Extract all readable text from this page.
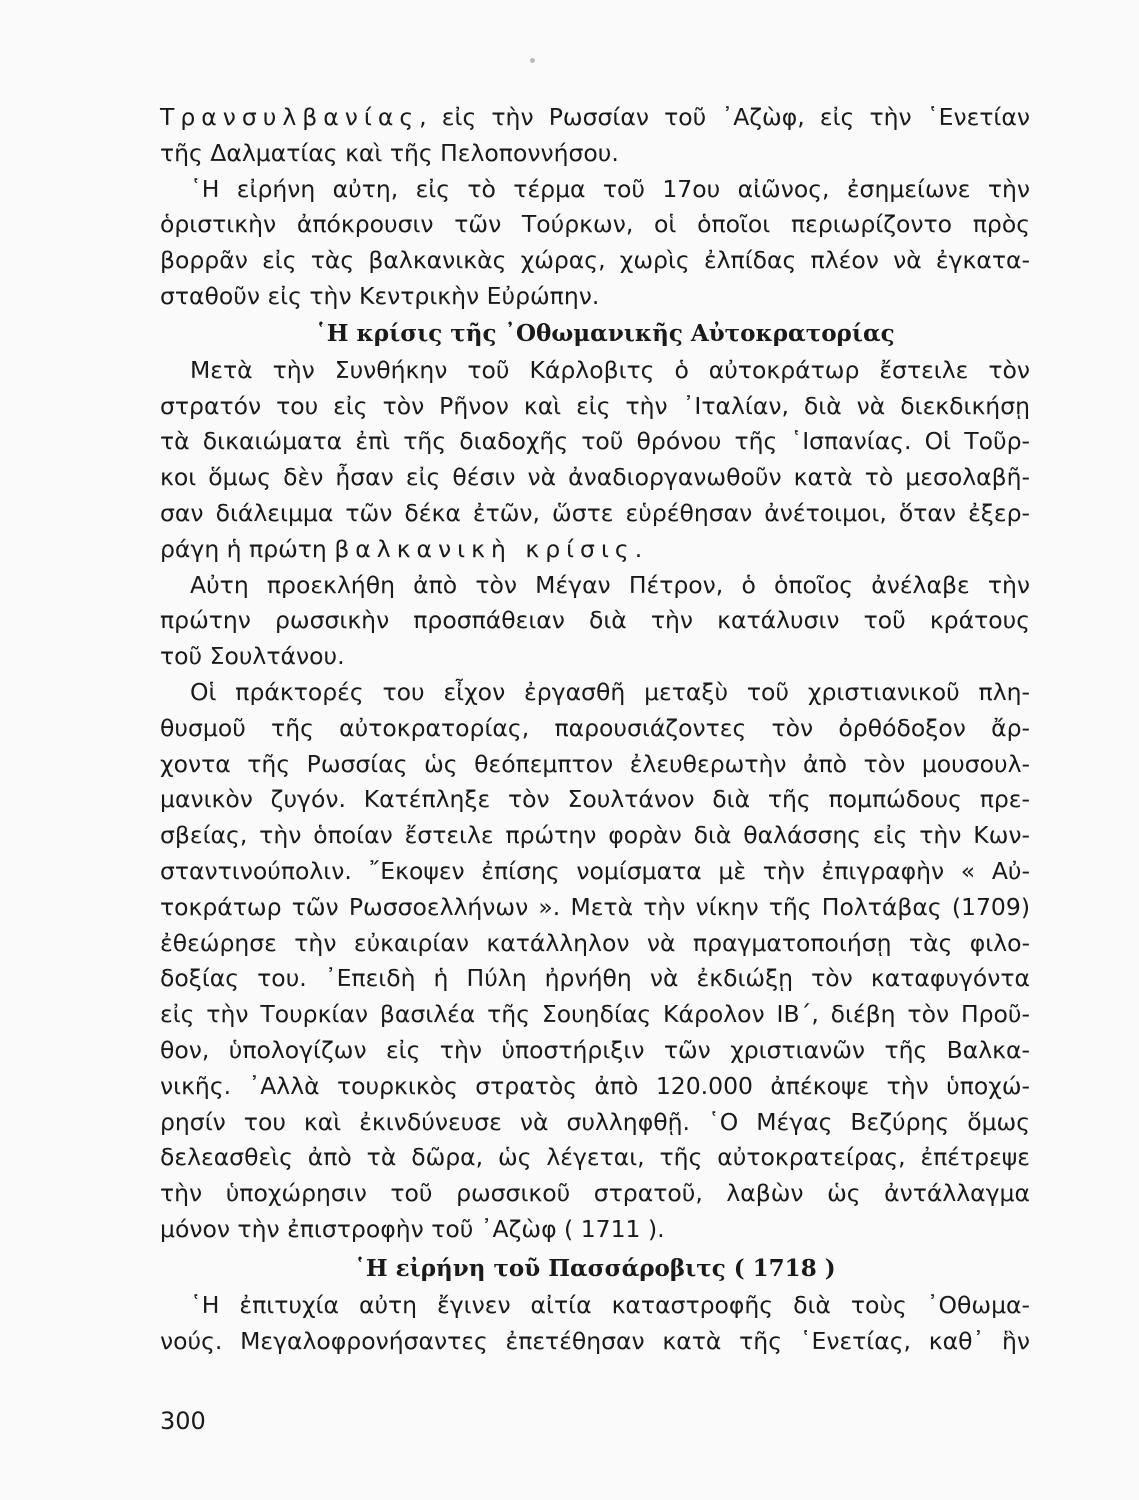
Τρανσυλβανίας, εἰς τὴν Ρωσσίαν τοῦ ᾿Αζὼφ, εἰς τὴν ῾Ενετίαν
τῆς Δαλματίας καὶ τῆς Πελοποννήσου.
῾Η εἰρήνη αὐτη, εἰς τὸ τέρμα τοῦ 17ου αἰῶνος, ἐσημείωνε τὴν
ὁριστικὴν ἀπόκρουσιν τῶν Τούρκων, οἱ ὁποῖοι περιωρίζοντο πρὸς
βορρᾶν εἰς τὰς βαλκανικὰς χώρας, χωρὶς ἐλπίδας πλέον νὰ ἐγκατα-
σταθοῦν εἰς τὴν Κεντρικὴν Εὐρώπην.
῾Η κρίσις τῆς ᾿Οθωμανικῆς Αὐτοκρατορίας
Μετὰ τὴν Συνθήκην τοῦ Κάρλοβιτς ὁ αὐτοκράτωρ ἔστειλε τὸν
στρατόν του εἰς τὸν Ρῆνον καὶ εἰς τὴν ᾿Ιταλίαν, διὰ νὰ διεκδικήσῃ
τὰ δικαιώματα ἐπὶ τῆς διαδοχῆς τοῦ θρόνου τῆς ῾Ισπανίας. Οἱ Τοῦρ-
κοι ὅμως δὲν ἦσαν εἰς θέσιν νὰ ἀναδιοργανωθοῦν κατὰ τὸ μεσολαβῆ-
σαν διάλειμμα τῶν δέκα ἐτῶν, ὥστε εὑρέθησαν ἀνέτοιμοι, ὅταν ἐξερ-
ράγη ἡ πρώτη βαλκανικὴ κρίσις.
Αὐτη προεκλήθη ἀπὸ τὸν Μέγαν Πέτρον, ὁ ὁποῖος ἀνέλαβε τὴν
πρώτην ρωσσικὴν προσπάθειαν διὰ τὴν κατάλυσιν τοῦ κράτους
τοῦ Σουλτάνου.
Οἱ πράκτορές του εἶχον ἐργασθῆ μεταξὺ τοῦ χριστιανικοῦ πλη-
θυσμοῦ τῆς αὐτοκρατορίας, παρουσιάζοντες τὸν ὀρθόδοξον ἄρ-
χοντα τῆς Ρωσσίας ὡς θεόπεμπτον ἐλευθερωτὴν ἀπὸ τὸν μουσουλ-
μανικὸν ζυγόν. Κατέπληξε τὸν Σουλτάνον διὰ τῆς πομπώδους πρε-
σβείας, τὴν ὁποίαν ἔστειλε πρώτην φορὰν διὰ θαλάσσης εἰς τὴν Κων-
σταντινούπολιν. ῎Εκοψεν ἐπίσης νομίσματα μὲ τὴν ἐπιγραφὴν « Αὐ-
τοκράτωρ τῶν Ρωσσοελλήνων ». Μετὰ τὴν νίκην τῆς Πολτάβας (1709)
ἐθεώρησε τὴν εὐκαιρίαν κατάλληλον νὰ πραγματοποιήσῃ τὰς φιλο-
δοξίας του. ᾿Επειδὴ ἡ Πύλη ἠρνήθη νὰ ἐκδιώξῃ τὸν καταφυγόντα
εἰς τὴν Τουρκίαν βασιλέα τῆς Σουηδίας Κάρολον ΙΒ΄, διέβη τὸν Προῦ-
θον, ὑπολογίζων εἰς τὴν ὑποστήριξιν τῶν χριστιανῶν τῆς Βαλκα-
νικῆς. ᾿Αλλὰ τουρκικὸς στρατὸς ἀπὸ 120.000 ἀπέκοψε τὴν ὑποχώ-
ρησίν του καὶ ἐκινδύνευσε νὰ συλληφθῇ. ῾Ο Μέγας Βεζύρης ὅμως
δελεασθεὶς ἀπὸ τὰ δῶρα, ὡς λέγεται, τῆς αὐτοκρατείρας, ἐπέτρεψε
τὴν ὑποχώρησιν τοῦ ρωσσικοῦ στρατοῦ, λαβὼν ὡς ἀντάλλαγμα
μόνον τὴν ἐπιστροφὴν τοῦ ᾿Αζὼφ ( 1711 ).
῾Η εἰρήνη τοῦ Πασσάροβιτς ( 1718 )
῾Η ἐπιτυχία αὐτη ἔγινεν αἰτία καταστροφῆς διὰ τοὺς ᾿Οθωμα-
νούς. Μεγαλοφρονήσαντες ἐπετέθησαν κατὰ τῆς ῾Ενετίας, καθ᾿ ἣν
300
